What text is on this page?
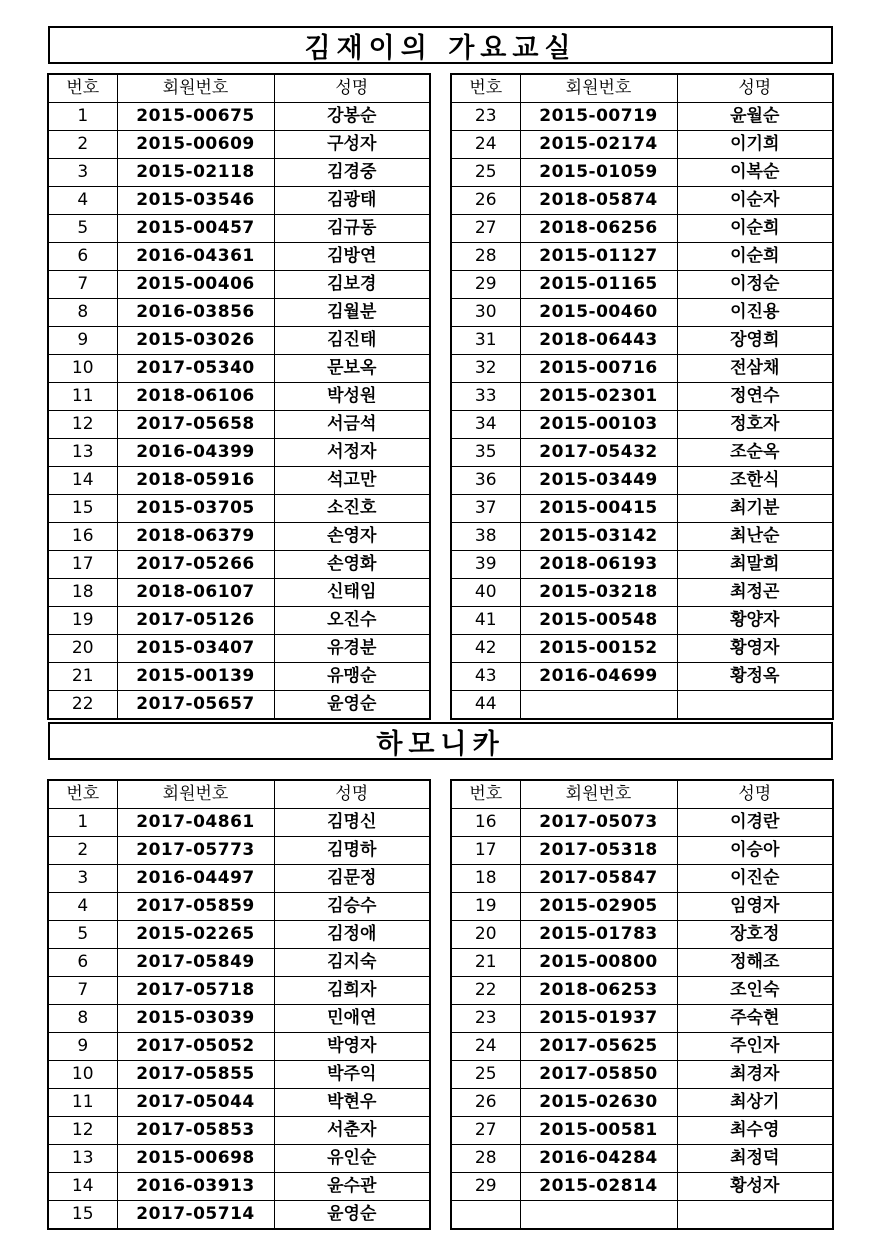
김재이의 가요교실
번호	회원번호	성명
1	2015-00675	강봉순
2	2015-00609	구성자
3	2015-02118	김경중
4	2015-03546	김광태
5	2015-00457	김규동
6	2016-04361	김방연
7	2015-00406	김보경
8	2016-03856	김월분
9	2015-03026	김진태
10	2017-05340	문보옥
11	2018-06106	박성원
12	2017-05658	서금석
13	2016-04399	서정자
14	2018-05916	석고만
15	2015-03705	소진호
16	2018-06379	손영자
17	2017-05266	손영화
18	2018-06107	신태임
19	2017-05126	오진수
20	2015-03407	유경분
21	2015-00139	유맹순
22	2017-05657	윤영순
번호	회원번호	성명
23	2015-00719	윤월순
24	2015-02174	이기희
25	2015-01059	이복순
26	2018-05874	이순자
27	2018-06256	이순희
28	2015-01127	이순희
29	2015-01165	이정순
30	2015-00460	이진용
31	2018-06443	장영희
32	2015-00716	전삼채
33	2015-02301	정연수
34	2015-00103	정호자
35	2017-05432	조순옥
36	2015-03449	조한식
37	2015-00415	최기분
38	2015-03142	최난순
39	2018-06193	최말희
40	2015-03218	최정곤
41	2015-00548	황양자
42	2015-00152	황영자
43	2016-04699	황정옥
44		
하모니카
번호	회원번호	성명
1	2017-04861	김명신
2	2017-05773	김명하
3	2016-04497	김문정
4	2017-05859	김승수
5	2015-02265	김정애
6	2017-05849	김지숙
7	2017-05718	김희자
8	2015-03039	민애연
9	2017-05052	박영자
10	2017-05855	박주익
11	2017-05044	박현우
12	2017-05853	서춘자
13	2015-00698	유인순
14	2016-03913	윤수관
15	2017-05714	윤영순
번호	회원번호	성명
16	2017-05073	이경란
17	2017-05318	이승아
18	2017-05847	이진순
19	2015-02905	임영자
20	2015-01783	장호정
21	2015-00800	정해조
22	2018-06253	조인숙
23	2015-01937	주숙현
24	2017-05625	주인자
25	2017-05850	최경자
26	2015-02630	최상기
27	2015-00581	최수영
28	2016-04284	최정덕
29	2015-02814	황성자
